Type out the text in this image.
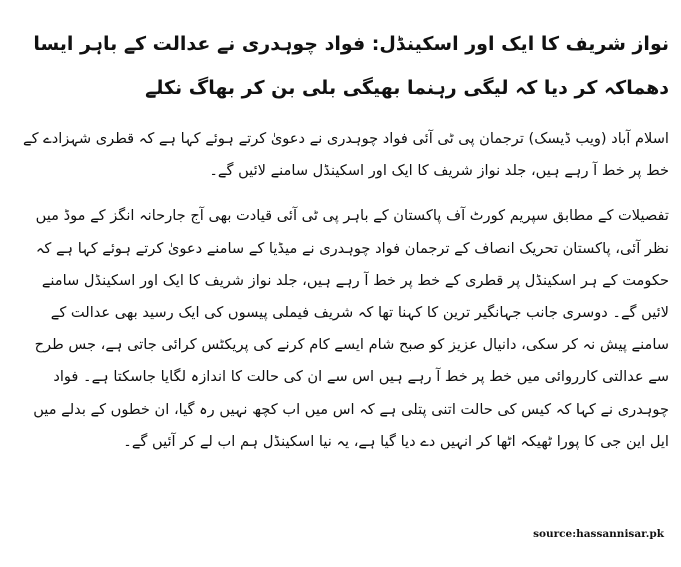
نواز شریف کا ایک اور اسکینڈل: فواد چوہدری نے عدالت کے باہر ایسا دھماکہ کر دیا کہ لیگی رہنما بھیگی بلی بن کر بھاگ نکلے

اسلام آباد (ویب ڈیسک) ترجمان پی ٹی آئی فواد چوہدری نے دعویٰ کرتے ہوئے کہا ہے کہ قطری شہزادے کے خط پر خط آ رہے ہیں، جلد نواز شریف کا ایک اور اسکینڈل سامنے لائیں گے۔

تفصیلات کے مطابق سپریم کورٹ آف پاکستان کے باہر پی ٹی آئی قیادت بھی آج جارحانہ انگز کے موڈ میں نظر آئی، پاکستان تحریک انصاف کے ترجمان فواد چوہدری نے میڈیا کے سامنے دعویٰ کرتے ہوئے کہا ہے کہ حکومت کے ہر اسکینڈل پر قطری کے خط پر خط آ رہے ہیں، جلد نواز شریف کا ایک اور اسکینڈل سامنے لائیں گے۔ دوسری جانب جہانگیر ترین کا کہنا تھا کہ شریف فیملی پیسوں کی ایک رسید بھی عدالت کے سامنے پیش نہ کر سکی، دانیال عزیز کو صبح شام ایسے کام کرنے کی پریکٹس کرائی جاتی ہے، جس طرح سے عدالتی کارروائی میں خط پر خط آ رہے ہیں اس سے ان کی حالت کا اندازہ لگایا جاسکتا ہے۔ فواد چوہدری نے کہا کہ کیس کی حالت اتنی پتلی ہے کہ اس میں اب کچھ نہیں رہ گیا، ان خطوں کے بدلے میں ایل این جی کا پورا ٹھیکہ اٹھا کر انہیں دے دیا گیا ہے، یہ نیا اسکینڈل ہم اب لے کر آئیں گے۔

source:hassannisar.pk
